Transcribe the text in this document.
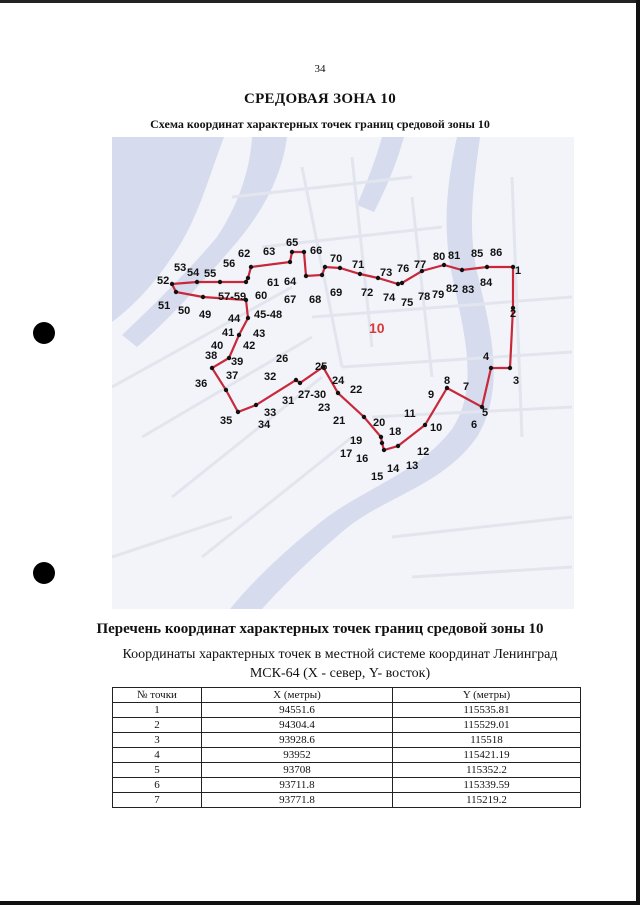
34
СРЕДОВАЯ ЗОНА 10
Схема координат характерных точек границ средовой зоны 10
1
2
3
4
5
6
7
8
9
10
11
12
13
14
15
16
17
18
19
20
21
22
23
24
25
26
27-30
31
32
33
34
35
36
37
38 39
40
41
42
43
44 45-48
49
50
51
52
53 54 55
56
57-59 60
61
62 63
64
65
66
67 68
69
70 71
72
73
74 75
76 77
78 79
80 81
82 83
84
85 86
10
Перечень координат характерных точек границ средовой зоны 10
Координаты характерных точек в местной системе координат Ленинград
МСК-64 (X - север, Y- восток)
№ точки	X (метры)	Y (метры)
1	94551.6	115535.81
2	94304.4	115529.01
3	93928.6	115518
4	93952	115421.19
5	93708	115352.2
6	93711.8	115339.59
7	93771.8	115219.2
